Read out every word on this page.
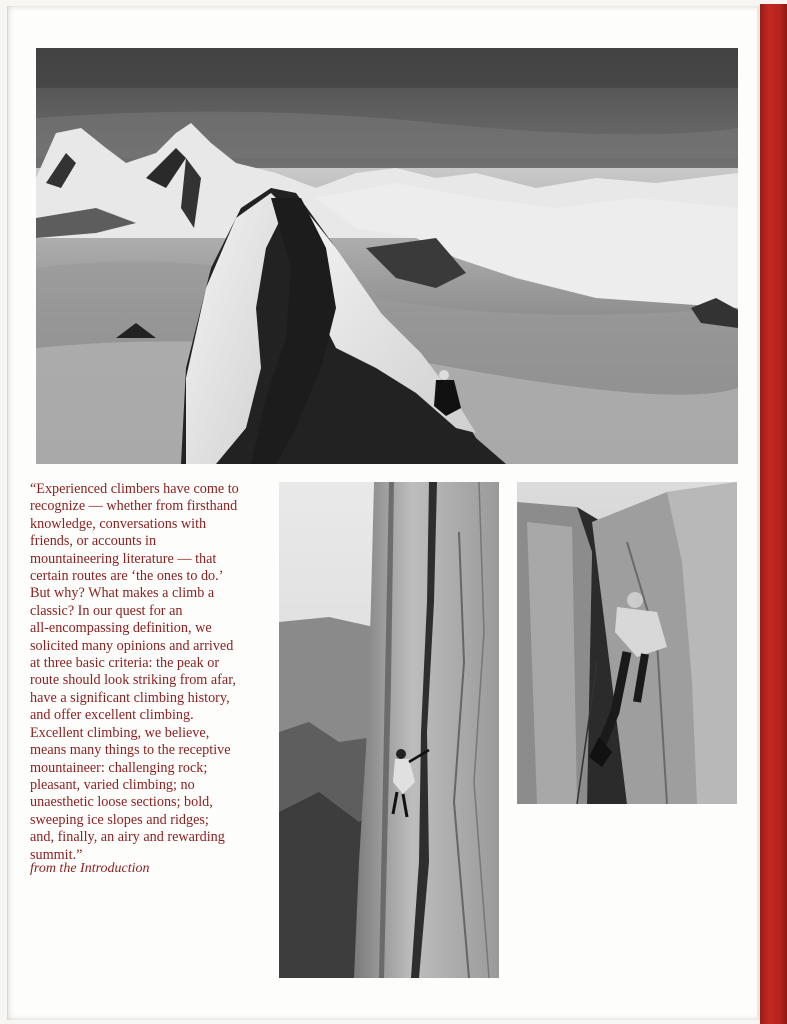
“Experienced climbers have come to
recognize — whether from firsthand
knowledge, conversations with
friends, or accounts in
mountaineering literature — that
certain routes are ‘the ones to do.’
But why? What makes a climb a
classic? In our quest for an
all-encompassing definition, we
solicited many opinions and arrived
at three basic criteria: the peak or
route should look striking from afar,
have a significant climbing history,
and offer excellent climbing.
Excellent climbing, we believe,
means many things to the receptive
mountaineer: challenging rock;
pleasant, varied climbing; no
unaesthetic loose sections; bold,
sweeping ice slopes and ridges;
and, finally, an airy and rewarding
summit.”
from the Introduction
